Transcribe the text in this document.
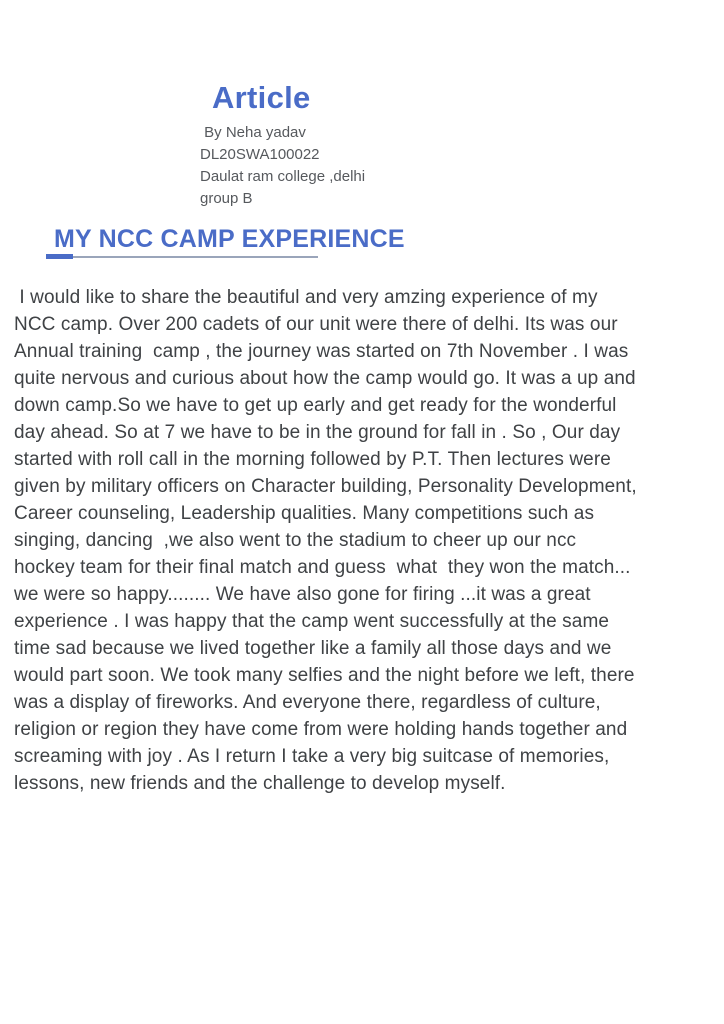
Article
By Neha yadav
DL20SWA100022
Daulat ram college ,delhi
group B
MY NCC CAMP EXPERIENCE
I would like to share the beautiful and very amzing experience of my
NCC camp. Over 200 cadets of our unit were there of delhi. Its was our
Annual training  camp , the journey was started on 7th November . I was
quite nervous and curious about how the camp would go. It was a up and
down camp.So we have to get up early and get ready for the wonderful
day ahead. So at 7 we have to be in the ground for fall in . So , Our day
started with roll call in the morning followed by P.T. Then lectures were
given by military officers on Character building, Personality Development,
Career counseling, Leadership qualities. Many competitions such as
singing, dancing  ,we also went to the stadium to cheer up our ncc
hockey team for their final match and guess  what  they won the match...
we were so happy........ We have also gone for firing ...it was a great
experience . I was happy that the camp went successfully at the same
time sad because we lived together like a family all those days and we
would part soon. We took many selfies and the night before we left, there
was a display of fireworks. And everyone there, regardless of culture,
religion or region they have come from were holding hands together and
screaming with joy . As I return I take a very big suitcase of memories,
lessons, new friends and the challenge to develop myself.
